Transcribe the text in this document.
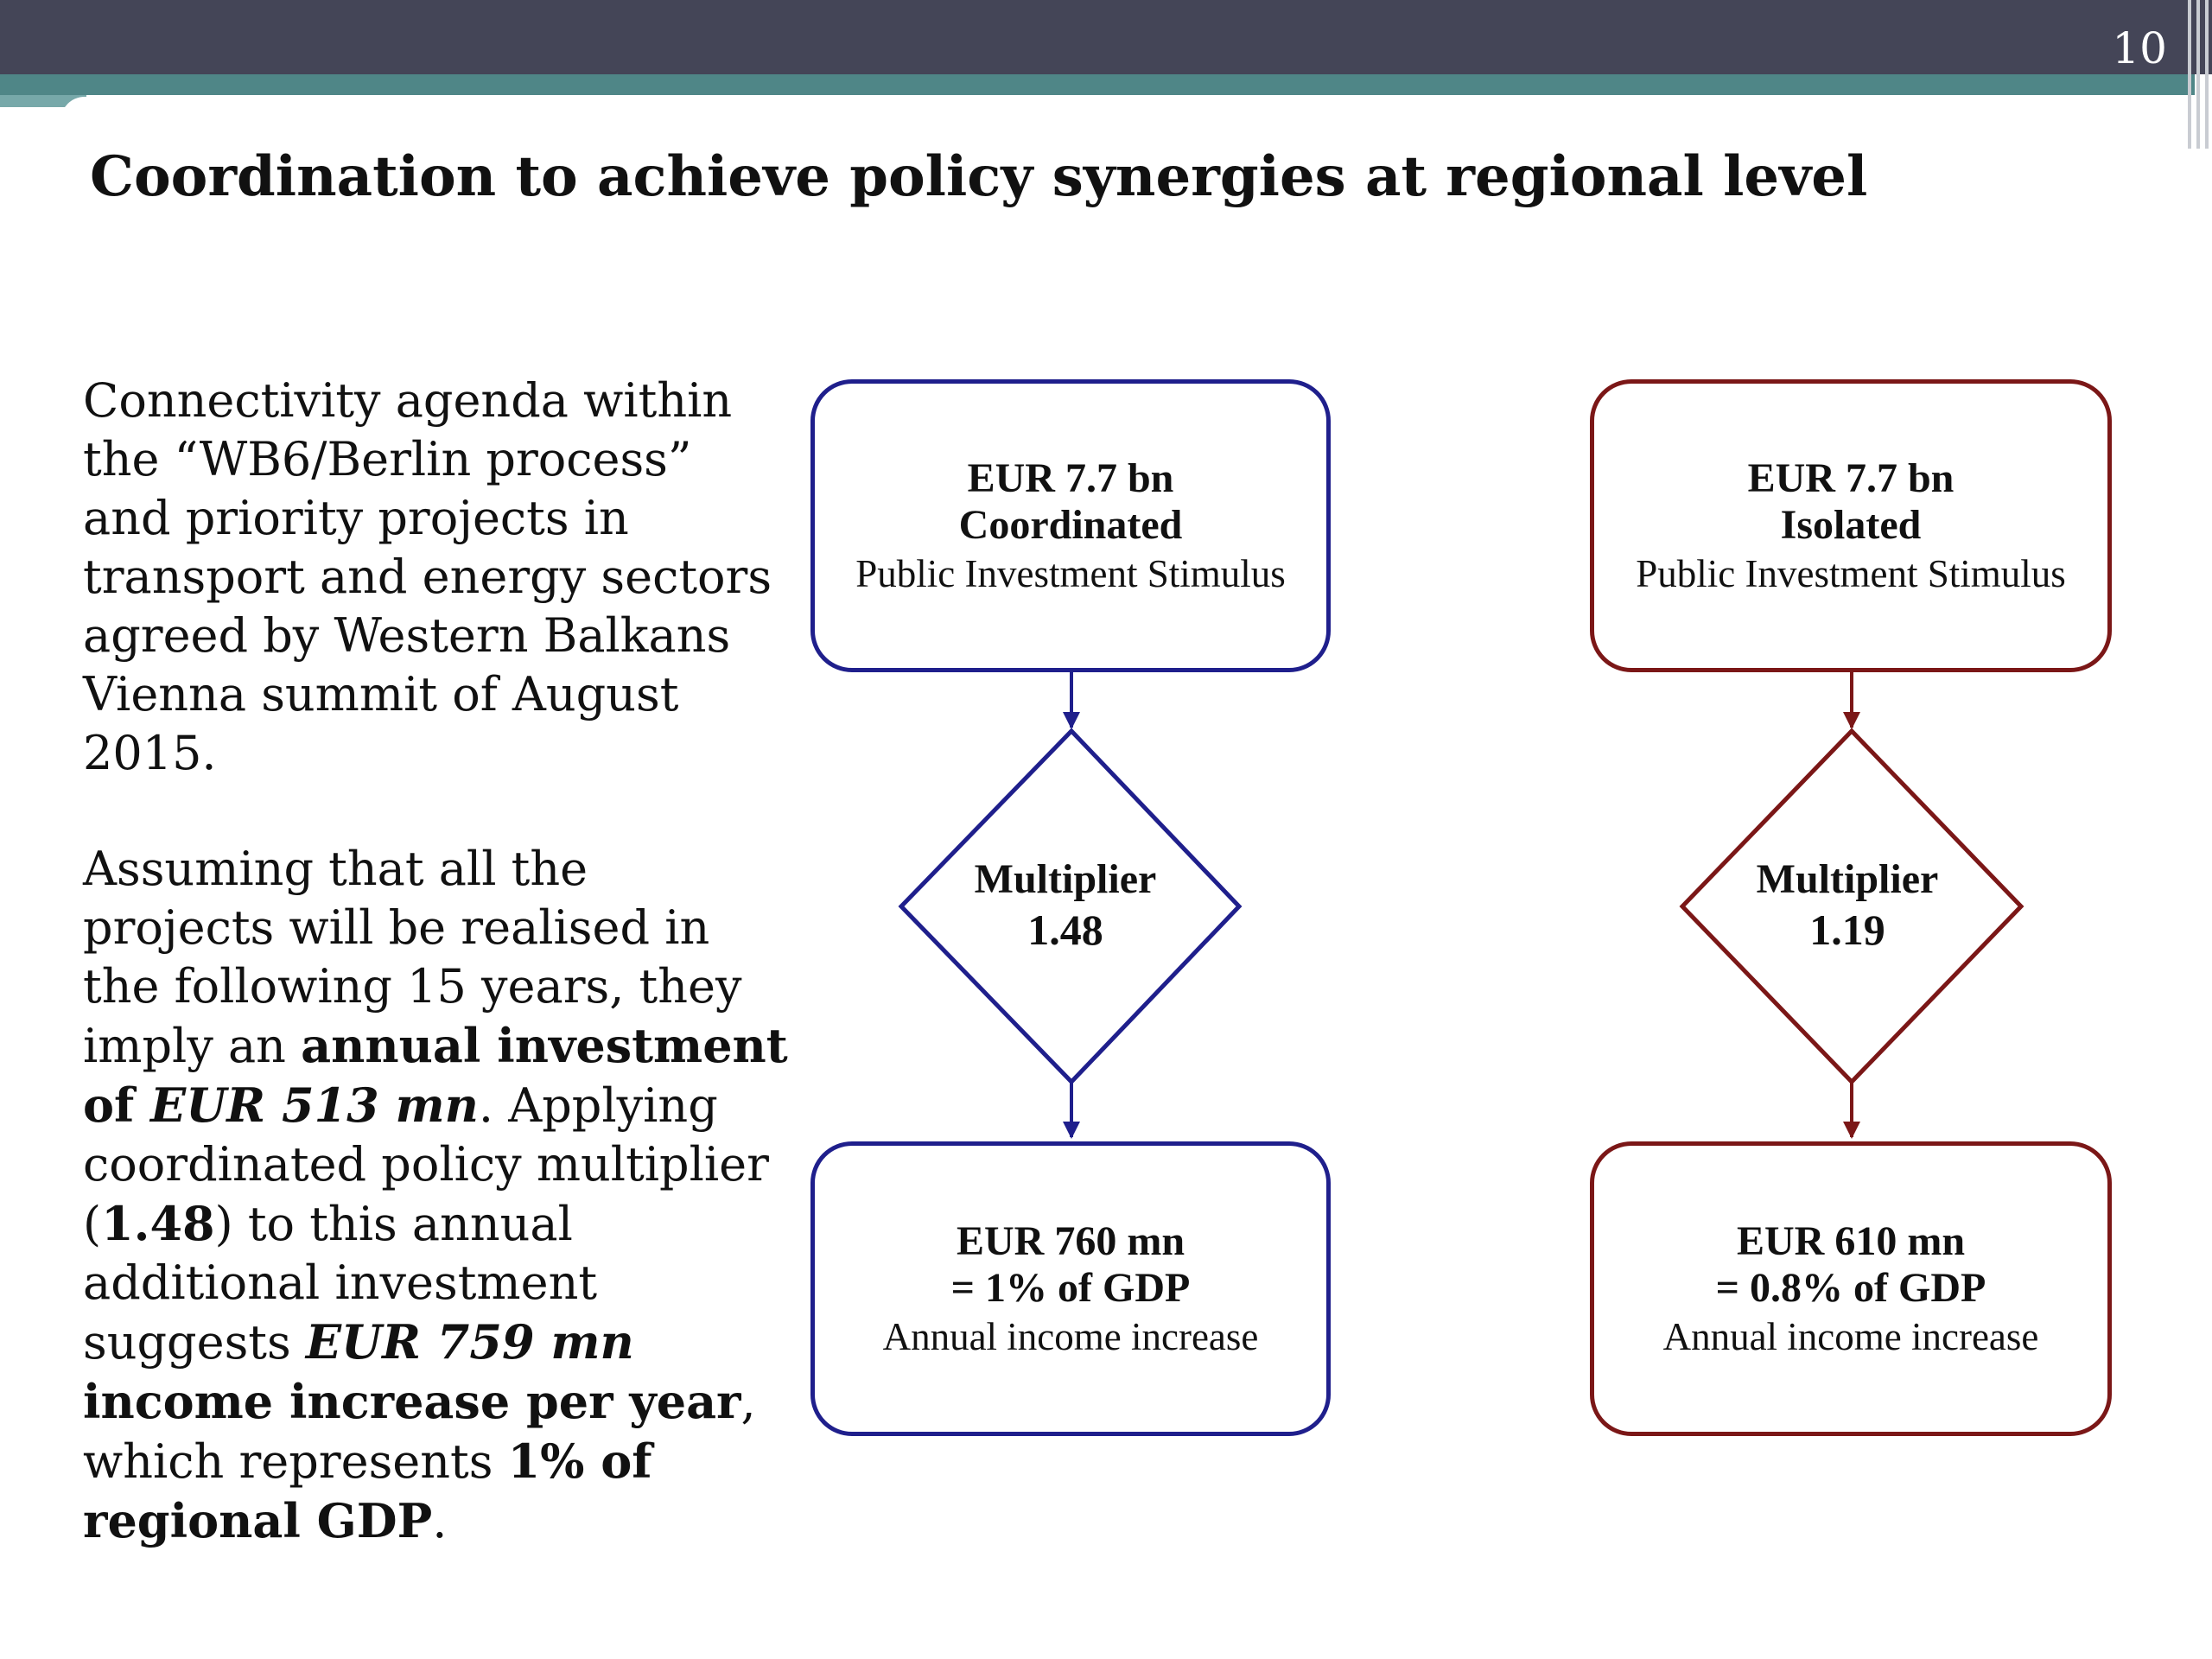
10
Coordination to achieve policy synergies at regional level

Connectivity agenda within the “WB6/Berlin process” and priority projects in transport and energy sectors agreed by Western Balkans Vienna summit of August 2015.

Assuming that all the projects will be realised in the following 15 years, they imply an annual investment of EUR 513 mn. Applying coordinated policy multiplier (1.48) to this annual additional investment suggests EUR 759 mn income increase per year, which represents 1% of regional GDP.

EUR 7.7 bn
Coordinated
Public Investment Stimulus
EUR 7.7 bn
Isolated
Public Investment Stimulus
Multiplier
1.48
Multiplier
1.19
EUR 760 mn
= 1% of GDP
Annual income increase
EUR 610 mn
= 0.8% of GDP
Annual income increase
